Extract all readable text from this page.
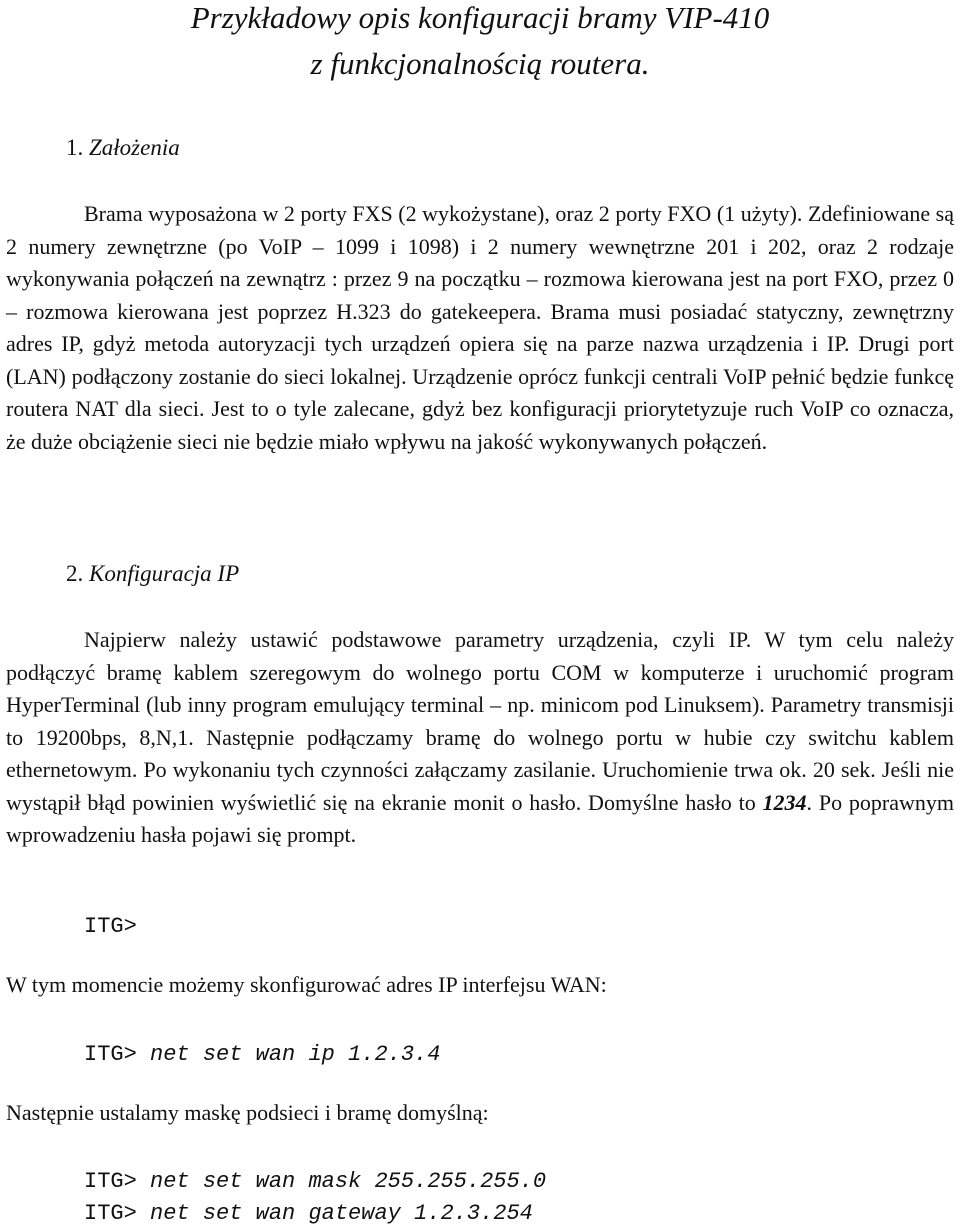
Przykładowy opis konfiguracji bramy VIP-410
z funkcjonalnością routera.
1. Założenia

Brama wyposażona w 2 porty FXS (2 wykożystane), oraz 2 porty FXO (1 użyty). Zdefiniowane są 2 numery zewnętrzne (po VoIP – 1099 i 1098) i 2 numery wewnętrzne 201 i 202, oraz 2 rodzaje wykonywania połączeń na zewnątrz : przez 9 na początku – rozmowa kierowana jest na port FXO, przez 0 – rozmowa kierowana jest poprzez H.323 do gatekeepera. Brama musi posiadać statyczny, zewnętrzny adres IP, gdyż metoda autoryzacji tych urządzeń opiera się na parze nazwa urządzenia i IP. Drugi port (LAN) podłączony zostanie do sieci lokalnej. Urządzenie oprócz funkcji centrali VoIP pełnić będzie funkcę routera NAT dla sieci. Jest to o tyle zalecane, gdyż bez konfiguracji priorytetyzuje ruch VoIP co oznacza, że duże obciążenie sieci nie będzie miało wpływu na jakość wykonywanych połączeń.

2. Konfiguracja IP

Najpierw należy ustawić podstawowe parametry urządzenia, czyli IP. W tym celu należy podłączyć bramę kablem szeregowym do wolnego portu COM w komputerze i uruchomić program HyperTerminal (lub inny program emulujący terminal – np. minicom pod Linuksem). Parametry transmisji to 19200bps, 8,N,1. Następnie podłączamy bramę do wolnego portu w hubie czy switchu kablem ethernetowym. Po wykonaniu tych czynności załączamy zasilanie. Uruchomienie trwa ok. 20 sek. Jeśli nie wystąpił błąd powinien wyświetlić się na ekranie monit o hasło. Domyślne hasło to 1234. Po poprawnym wprowadzeniu hasła pojawi się prompt.

ITG>

W tym momencie możemy skonfigurować adres IP interfejsu WAN:

ITG> net set wan ip 1.2.3.4

Następnie ustalamy maskę podsieci i bramę domyślną:

ITG> net set wan mask 255.255.255.0
ITG> net set wan gateway 1.2.3.254
